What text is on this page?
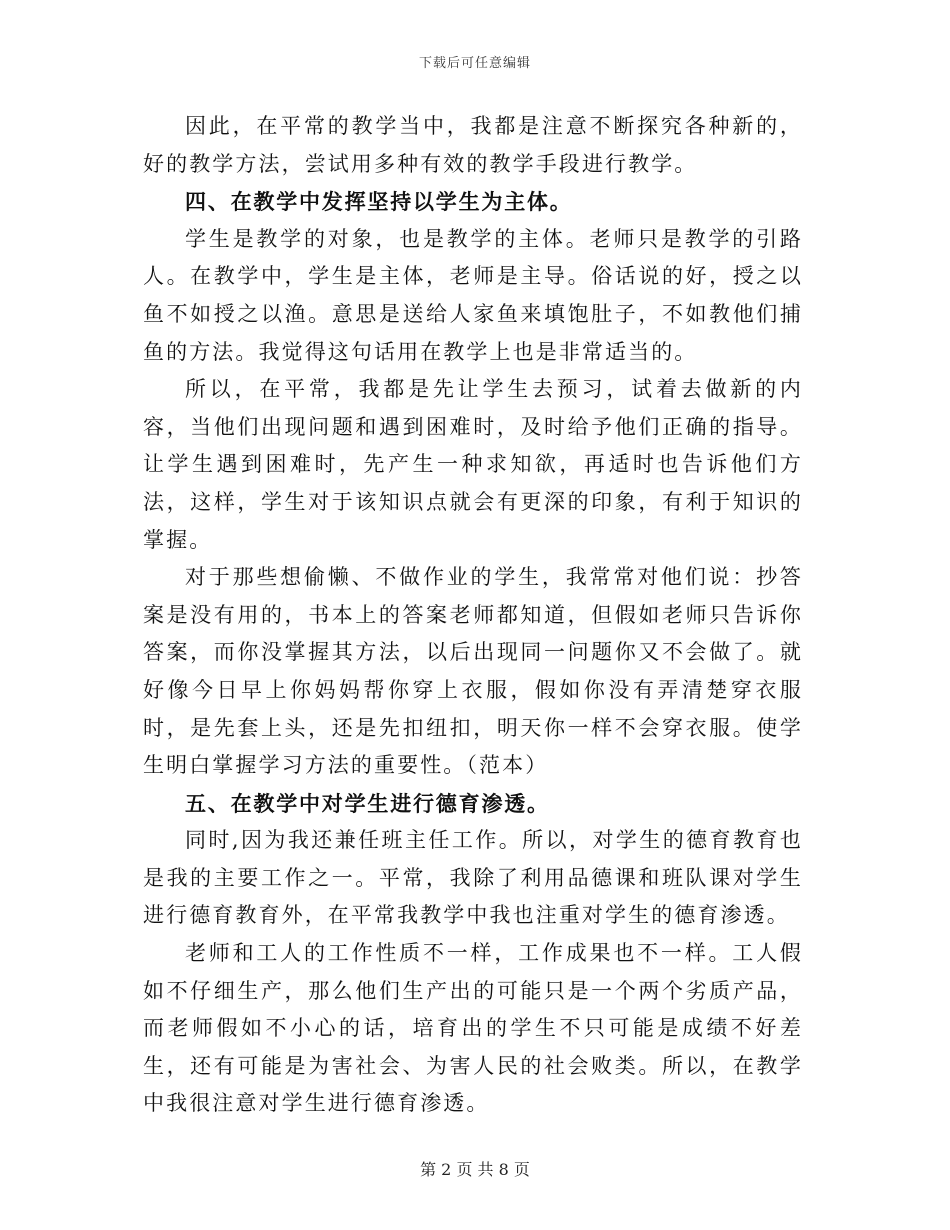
下载后可任意编辑

因此，在平常的教学当中，我都是注意不断探究各种新的，好的教学方法，尝试用多种有效的教学手段进行教学。

四、在教学中发挥坚持以学生为主体。

学生是教学的对象，也是教学的主体。老师只是教学的引路人。在教学中，学生是主体，老师是主导。俗话说的好，授之以鱼不如授之以渔。意思是送给人家鱼来填饱肚子，不如教他们捕鱼的方法。我觉得这句话用在教学上也是非常适当的。

所以，在平常，我都是先让学生去预习，试着去做新的内容，当他们出现问题和遇到困难时，及时给予他们正确的指导。让学生遇到困难时，先产生一种求知欲，再适时也告诉他们方法，这样，学生对于该知识点就会有更深的印象，有利于知识的掌握。

对于那些想偷懒、不做作业的学生，我常常对他们说：抄答案是没有用的，书本上的答案老师都知道，但假如老师只告诉你答案，而你没掌握其方法，以后出现同一问题你又不会做了。就好像今日早上你妈妈帮你穿上衣服，假如你没有弄清楚穿衣服时，是先套上头，还是先扣纽扣，明天你一样不会穿衣服。使学生明白掌握学习方法的重要性。（范本）

五、在教学中对学生进行德育渗透。

同时,因为我还兼任班主任工作。所以，对学生的德育教育也是我的主要工作之一。平常，我除了利用品德课和班队课对学生进行德育教育外，在平常我教学中我也注重对学生的德育渗透。

老师和工人的工作性质不一样，工作成果也不一样。工人假如不仔细生产，那么他们生产出的可能只是一个两个劣质产品，而老师假如不小心的话，培育出的学生不只可能是成绩不好差生，还有可能是为害社会、为害人民的社会败类。所以，在教学中我很注意对学生进行德育渗透。

第 2 页 共 8 页
